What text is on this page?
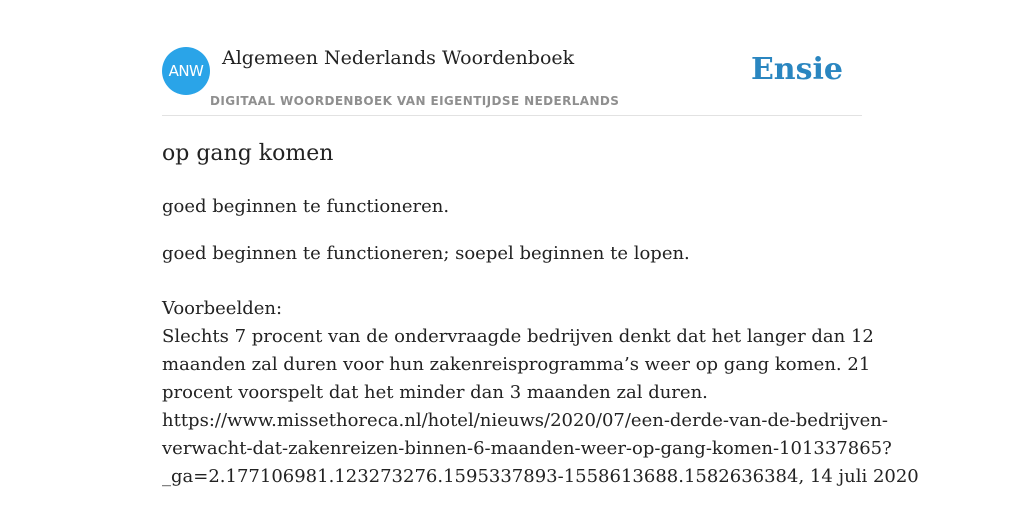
ANW
Algemeen Nederlands Woordenboek
DIGITAAL WOORDENBOEK VAN EIGENTIJDSE NEDERLANDS
Ensie
op gang komen
goed beginnen te functioneren.
goed beginnen te functioneren; soepel beginnen te lopen.
Voorbeelden:
Slechts 7 procent van de ondervraagde bedrijven denkt dat het langer dan 12
maanden zal duren voor hun zakenreisprogramma’s weer op gang komen. 21
procent voorspelt dat het minder dan 3 maanden zal duren.
https://www.missethoreca.nl/hotel/nieuws/2020/07/een-derde-van-de-bedrijven-
verwacht-dat-zakenreizen-binnen-6-maanden-weer-op-gang-komen-101337865?
_ga=2.177106981.123273276.1595337893-1558613688.1582636384, 14 juli 2020
